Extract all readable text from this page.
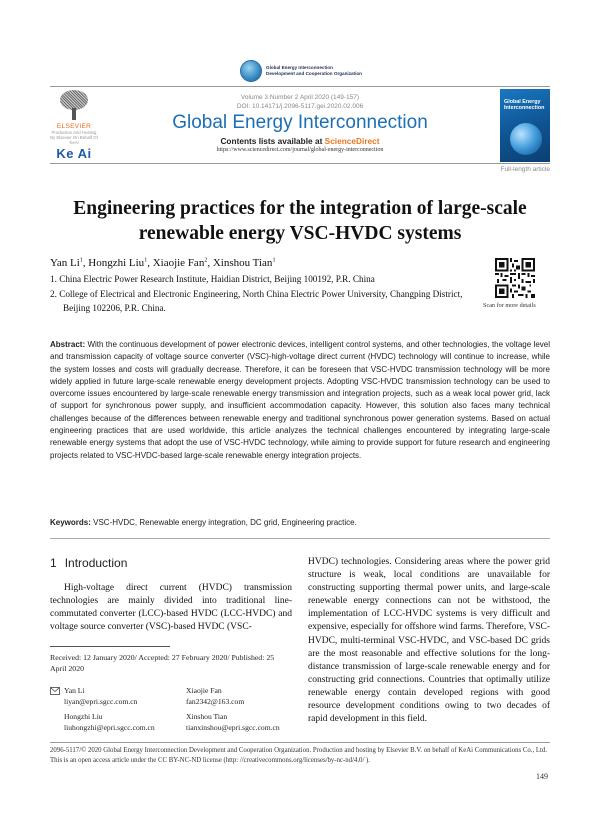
Global Energy Interconnection
Development and Cooperation Organization
ELSEVIER
Production And Hosting By Elsevier On Behalf Of KeAi
Ke Ai
Volume 3 Number 2 April 2020 (149-157)
DOI: 10.14171/j.2096-5117.gei.2020.02.006
Global Energy Interconnection
Contents lists available at ScienceDirect
https://www.sciencedirect.com/journal/global-energy-interconnection
Global Energy Interconnection
Full-length article
Engineering practices for the integration of large-scale
renewable energy VSC-HVDC systems
Yan Li$^1$, Hongzhi Liu$^1$, Xiaojie Fan$^2$, Xinshou Tian$^1$
1. China Electric Power Research Institute, Haidian District, Beijing 100192, P.R. China
2. College of Electrical and Electronic Engineering, North China Electric Power University, Changping District, Beijing 102206, P.R. China.	Scan for more details
Abstract: With the continuous development of power electronic devices, intelligent control systems, and other technologies, the voltage level and transmission capacity of voltage source converter (VSC)-high-voltage direct current (HVDC) technology will continue to increase, while the system losses and costs will gradually decrease. Therefore, it can be foreseen that VSC-HVDC transmission technology will be more widely applied in future large-scale renewable energy development projects. Adopting VSC-HVDC transmission technology can be used to overcome issues encountered by large-scale renewable energy transmission and integration projects, such as a weak local power grid, lack of support for synchronous power supply, and insufficient accommodation capacity. However, this solution also faces many technical challenges because of the differences between renewable energy and traditional synchronous power generation systems. Based on actual engineering practices that are used worldwide, this article analyzes the technical challenges encountered by integrating large-scale renewable energy systems that adopt the use of VSC-HVDC technology, while aiming to provide support for future research and engineering projects related to VSC-HVDC-based large-scale renewable energy integration projects.
Keywords: VSC-HVDC, Renewable energy integration, DC grid, Engineering practice.
1 Introduction
High-voltage direct current (HVDC) transmission technologies are mainly divided into traditional line-commutated converter (LCC)-based HVDC (LCC-HVDC) and voltage source converter (VSC)-based HVDC (VSC-
HVDC) technologies. Considering areas where the power grid structure is weak, local conditions are unavailable for constructing supporting thermal power units, and large-scale renewable energy connections can not be withstood, the implementation of LCC-HVDC systems is very difficult and expensive, especially for offshore wind farms. Therefore, VSC-HVDC, multi-terminal VSC-HVDC, and VSC-based DC grids are the most reasonable and effective solutions for the long-distance transmission of large-scale renewable energy and for constructing grid connections. Countries that optimally utilize renewable energy contain developed regions with good resource development conditions owing to two decades of rapid development in this field.
Received: 12 January 2020/ Accepted: 27 February 2020/ Published: 25 April 2020
Yan Li
liyan@epri.sgcc.com.cn
Xiaojie Fan
fan2342@163.com
Hongzhi Liu
liuhongzhi@epri.sgcc.com.cn
Xinshou Tian
tianxinshou@epri.sgcc.com.cn
2096-5117/© 2020 Global Energy Interconnection Development and Cooperation Organization. Production and hosting by Elsevier B.V. on behalf of KeAi Communications Co., Ltd. This is an open access article under the CC BY-NC-ND license (http: //creativecommons.org/licenses/by-nc-nd/4.0/ ).
149
